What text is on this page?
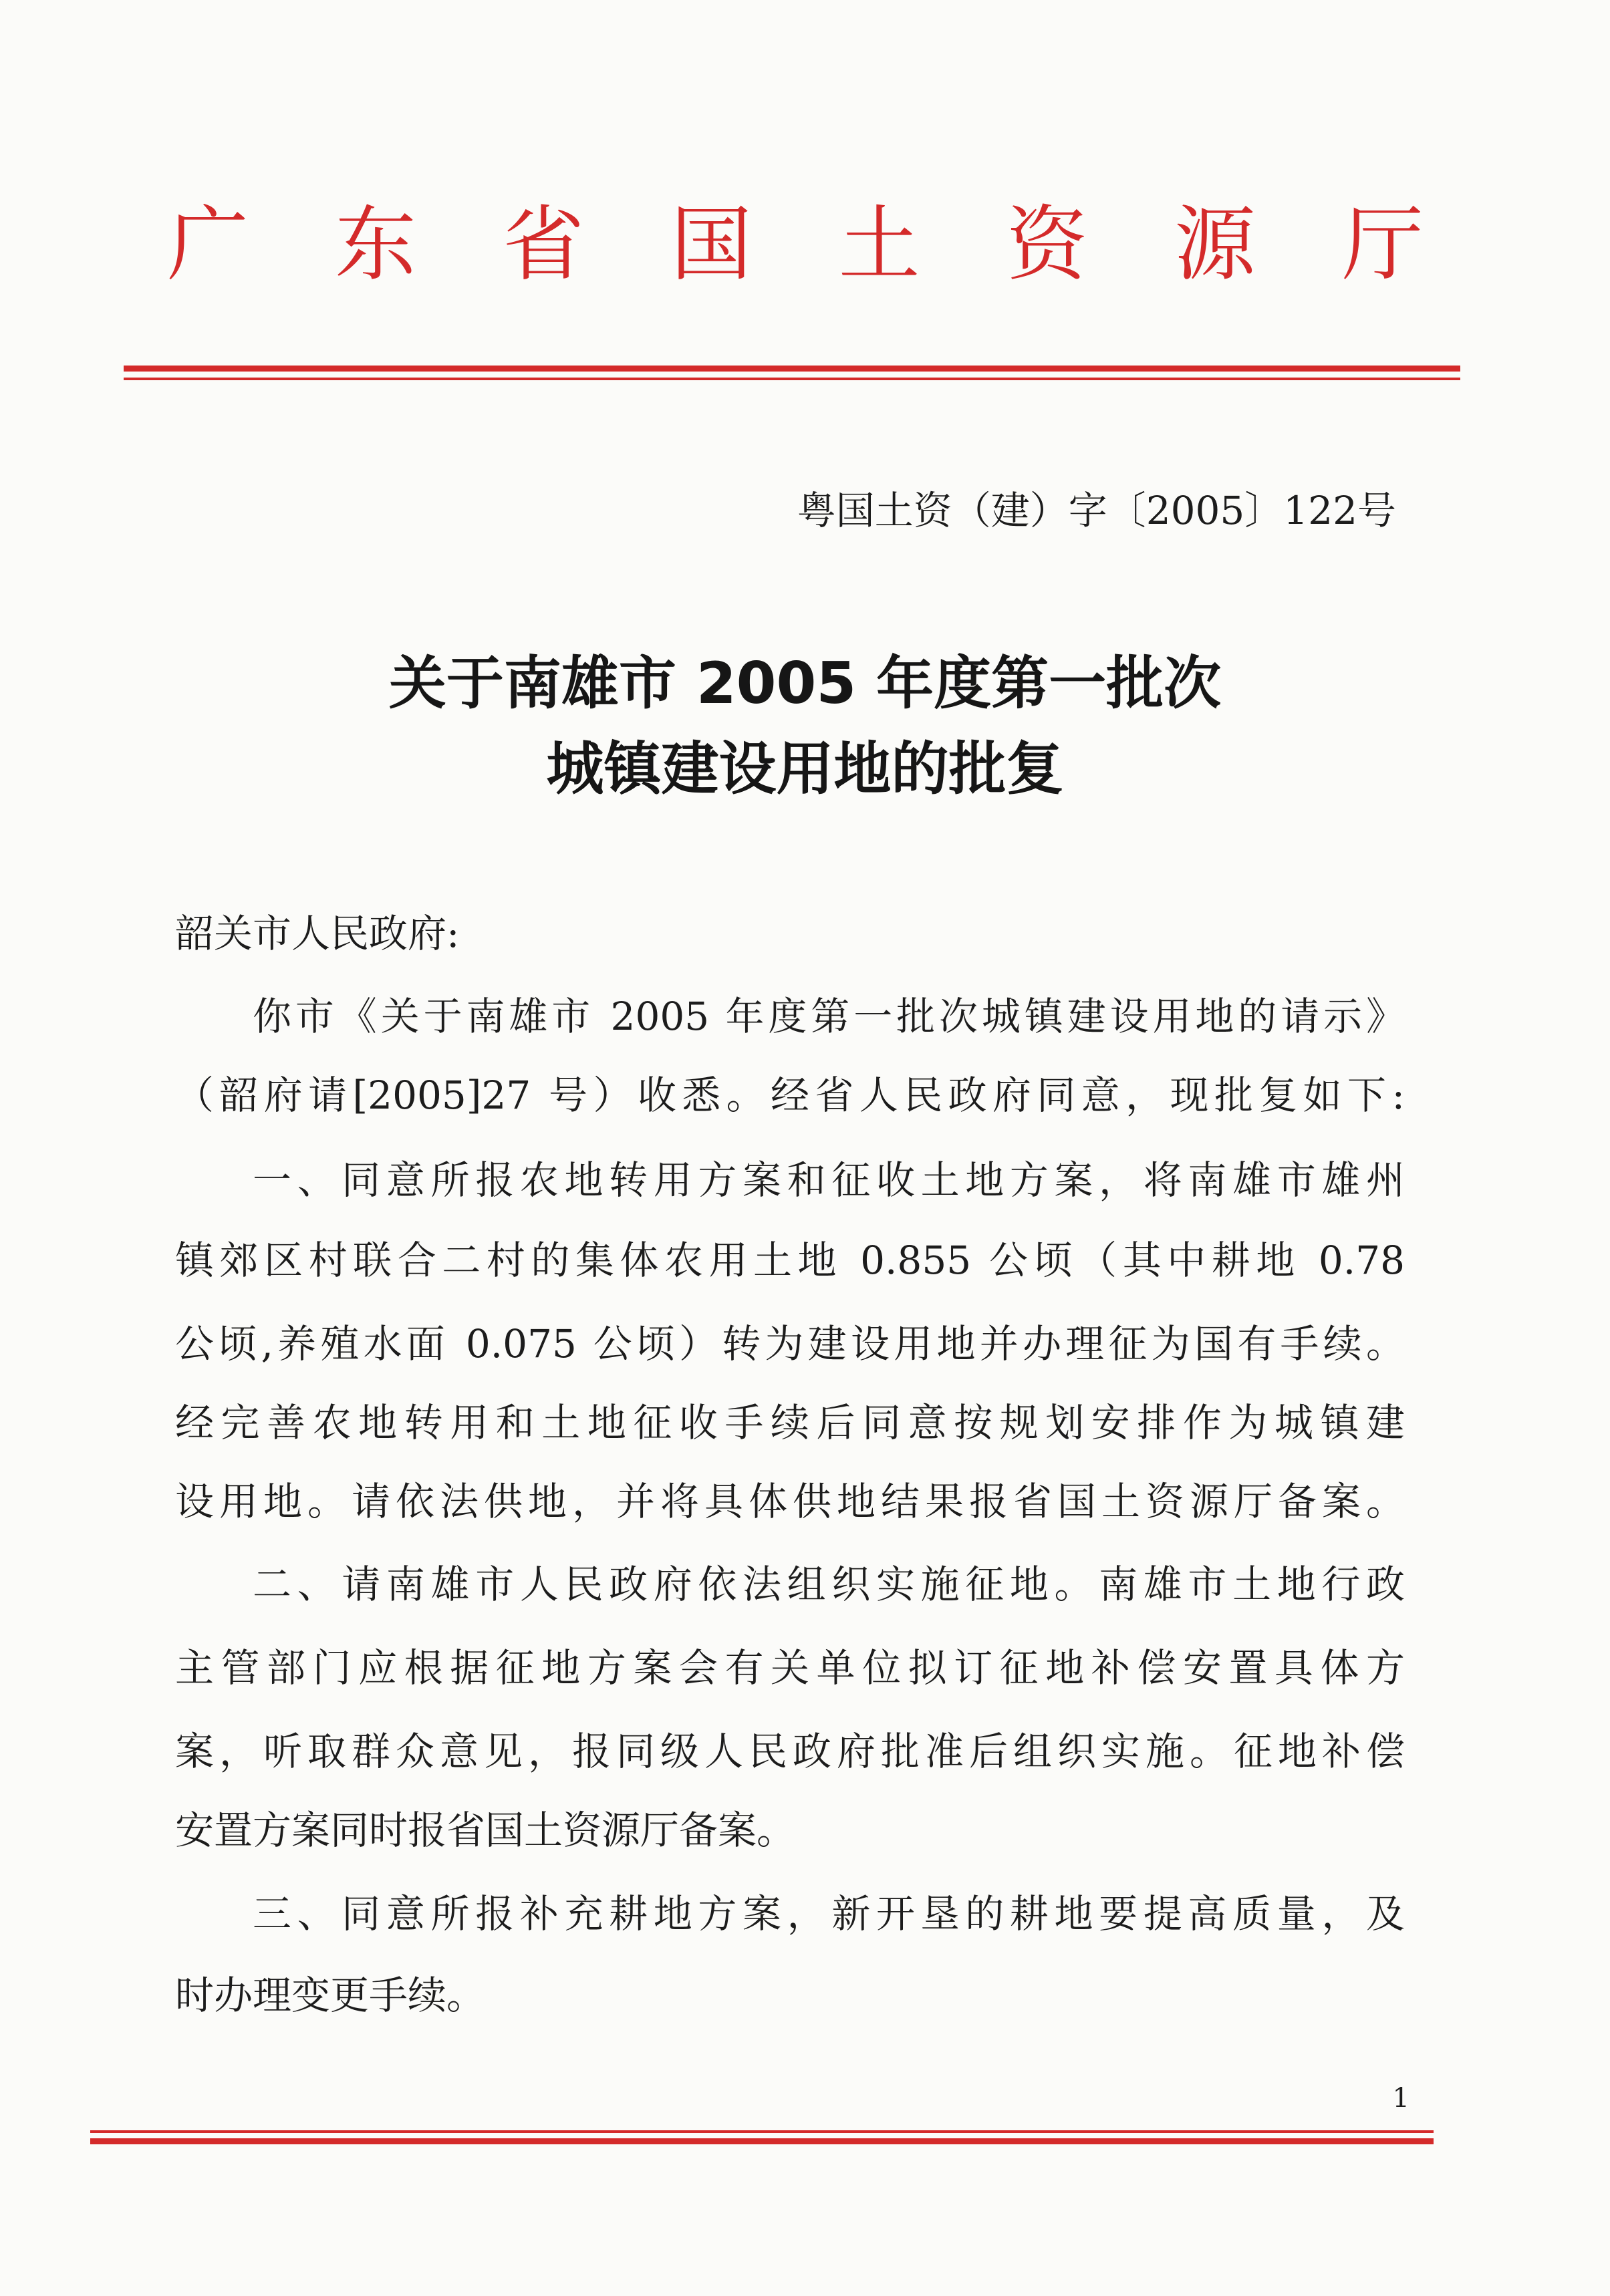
广 东 省 国 土 资 源 厅
粤国土资（建）字〔2005〕122号
关于南雄市 2005 年度第一批次
城镇建设用地的批复
韶关市人民政府:
你市《关于南雄市 2005 年度第一批次城镇建设用地的请示》
（韶府请[2005]27 号）收悉。经省人民政府同意，现批复如下:
一、同意所报农地转用方案和征收土地方案，将南雄市雄州
镇郊区村联合二村的集体农用土地 0.855 公顷（其中耕地 0.78
公顷,养殖水面 0.075 公顷）转为建设用地并办理征为国有手续。
经完善农地转用和土地征收手续后同意按规划安排作为城镇建
设用地。请依法供地，并将具体供地结果报省国土资源厅备案。
二、请南雄市人民政府依法组织实施征地。南雄市土地行政
主管部门应根据征地方案会有关单位拟订征地补偿安置具体方
案，听取群众意见，报同级人民政府批准后组织实施。征地补偿
安置方案同时报省国土资源厅备案。
三、同意所报补充耕地方案，新开垦的耕地要提高质量，及
时办理变更手续。
1
